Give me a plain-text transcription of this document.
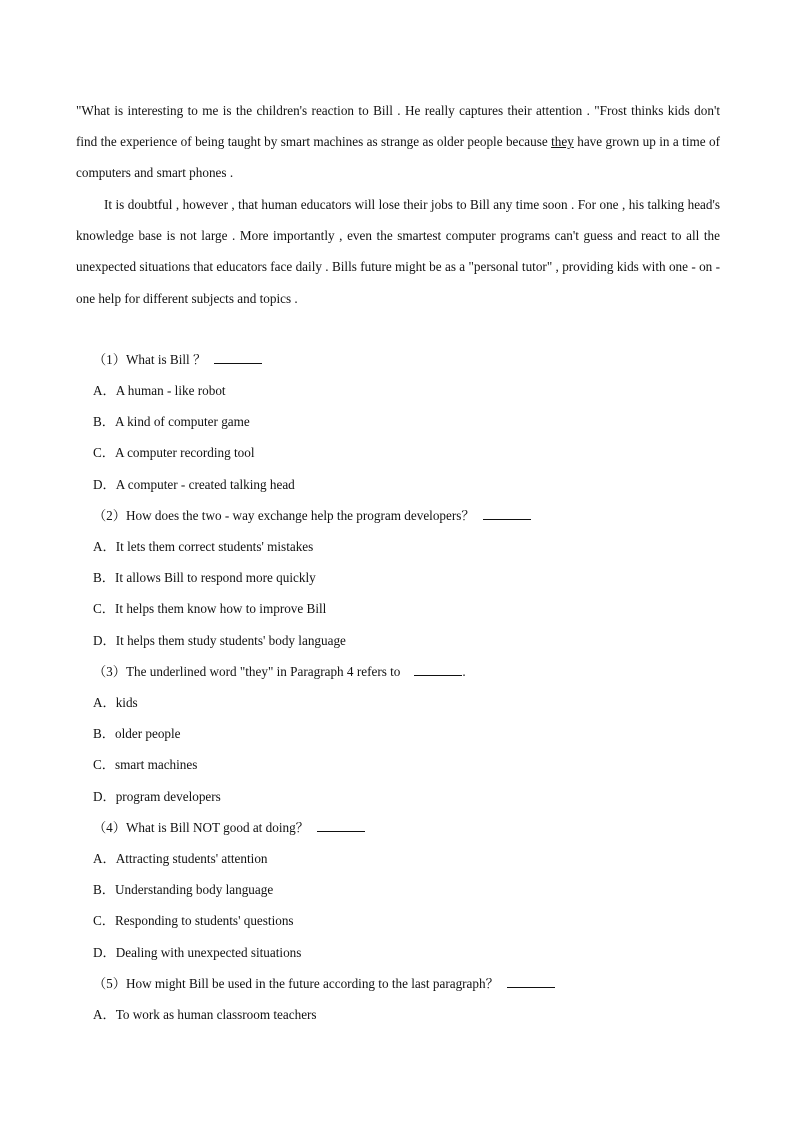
"What is interesting to me is the children's reaction to Bill . He really captures their attention . "Frost thinks kids don't find the experience of being taught by smart machines as strange as older people because they have grown up in a time of computers and smart phones .

It is doubtful , however , that human educators will lose their jobs to Bill any time soon . For one , his talking head's knowledge base is not large . More importantly , even the smartest computer programs can't guess and react to all the unexpected situations that educators face daily . Bills future might be as a "personal tutor" , providing kids with one - on - one help for different subjects and topics .

（1）What is Bill ？
A．A human - like robot
B．A kind of computer game
C．A computer recording tool
D．A computer - created talking head
（2）How does the two - way exchange help the program developers？
A．It lets them correct students' mistakes
B．It allows Bill to respond more quickly
C．It helps them know how to improve Bill
D．It helps them study students' body language
（3）The underlined word "they" in Paragraph 4 refers to	.
A．kids
B．older people
C．smart machines
D．program developers
（4）What is Bill NOT good at doing？
A．Attracting students' attention
B．Understanding body language
C．Responding to students' questions
D．Dealing with unexpected situations
（5）How might Bill be used in the future according to the last paragraph？
A．To work as human classroom teachers
